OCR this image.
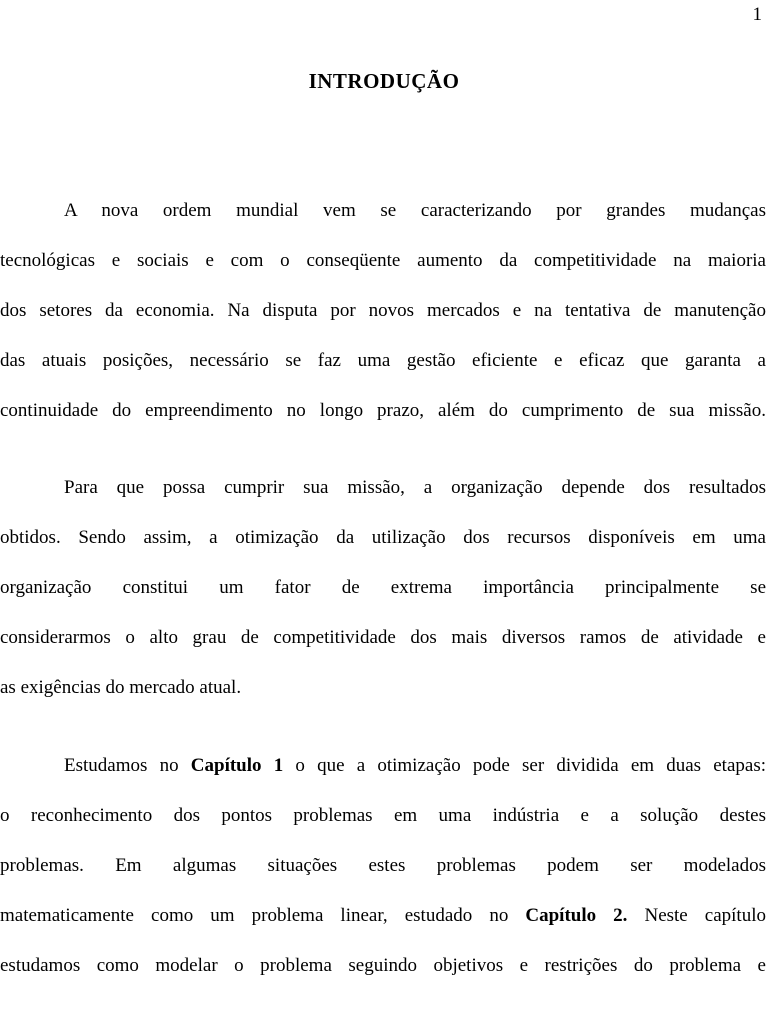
1
INTRODUÇÃO
A nova ordem mundial vem se caracterizando por grandes mudanças
tecnológicas e sociais e com o conseqüente aumento da competitividade na maioria
dos setores da economia. Na disputa por novos mercados e na tentativa de manutenção
das atuais posições, necessário se faz uma gestão eficiente e eficaz que garanta a
continuidade do empreendimento no longo prazo, além do cumprimento de sua missão.
Para que possa cumprir sua missão, a organização depende dos resultados
obtidos. Sendo assim, a otimização da utilização dos recursos disponíveis em uma
organização constitui um fator de extrema importância principalmente se
considerarmos o alto grau de competitividade dos mais diversos ramos de atividade e
as exigências do mercado atual.
Estudamos no Capítulo 1 o que a otimização pode ser dividida em duas etapas:
o reconhecimento dos pontos problemas em uma indústria e a solução destes
problemas. Em algumas situações estes problemas podem ser modelados
matematicamente como um problema linear, estudado no Capítulo 2. Neste capítulo
estudamos como modelar o problema seguindo objetivos e restrições do problema e
